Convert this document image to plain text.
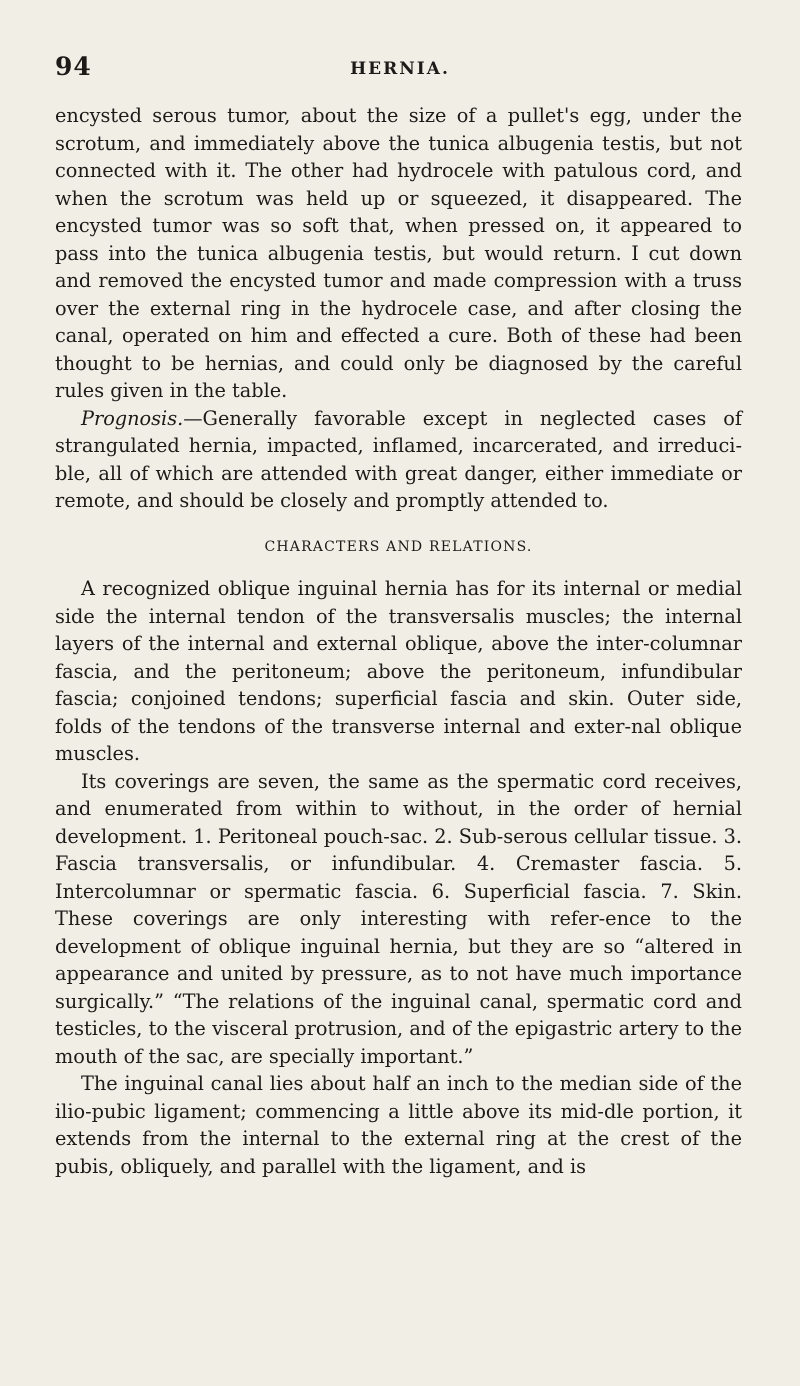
94	HERNIA.

encysted serous tumor, about the size of a pullet's egg, under the scrotum, and immediately above the tunica albugenia testis, but not connected with it. The other had hydrocele with patulous cord, and when the scrotum was held up or squeezed, it disappeared. The encysted tumor was so soft that, when pressed on, it appeared to pass into the tunica albugenia testis, but would return. I cut down and removed the encysted tumor and made compression with a truss over the external ring in the hydrocele case, and after closing the canal, operated on him and effected a cure. Both of these had been thought to be hernias, and could only be diagnosed by the careful rules given in the table.

Prognosis.—Generally favorable except in neglected cases of strangulated hernia, impacted, inflamed, incarcerated, and irreduci-ble, all of which are attended with great danger, either immediate or remote, and should be closely and promptly attended to.

CHARACTERS AND RELATIONS.

A recognized oblique inguinal hernia has for its internal or medial side the internal tendon of the transversalis muscles; the internal layers of the internal and external oblique, above the inter-columnar fascia, and the peritoneum; above the peritoneum, infundibular fascia; conjoined tendons; superficial fascia and skin. Outer side, folds of the tendons of the transverse internal and exter-nal oblique muscles.

Its coverings are seven, the same as the spermatic cord receives, and enumerated from within to without, in the order of hernial development. 1. Peritoneal pouch-sac. 2. Sub-serous cellular tissue. 3. Fascia transversalis, or infundibular. 4. Cremaster fascia. 5. Intercolumnar or spermatic fascia. 6. Superficial fascia. 7. Skin. These coverings are only interesting with refer-ence to the development of oblique inguinal hernia, but they are so “altered in appearance and united by pressure, as to not have much importance surgically.” “The relations of the inguinal canal, spermatic cord and testicles, to the visceral protrusion, and of the epigastric artery to the mouth of the sac, are specially important.”

The inguinal canal lies about half an inch to the median side of the ilio-pubic ligament; commencing a little above its mid-dle portion, it extends from the internal to the external ring at the crest of the pubis, obliquely, and parallel with the ligament, and is
